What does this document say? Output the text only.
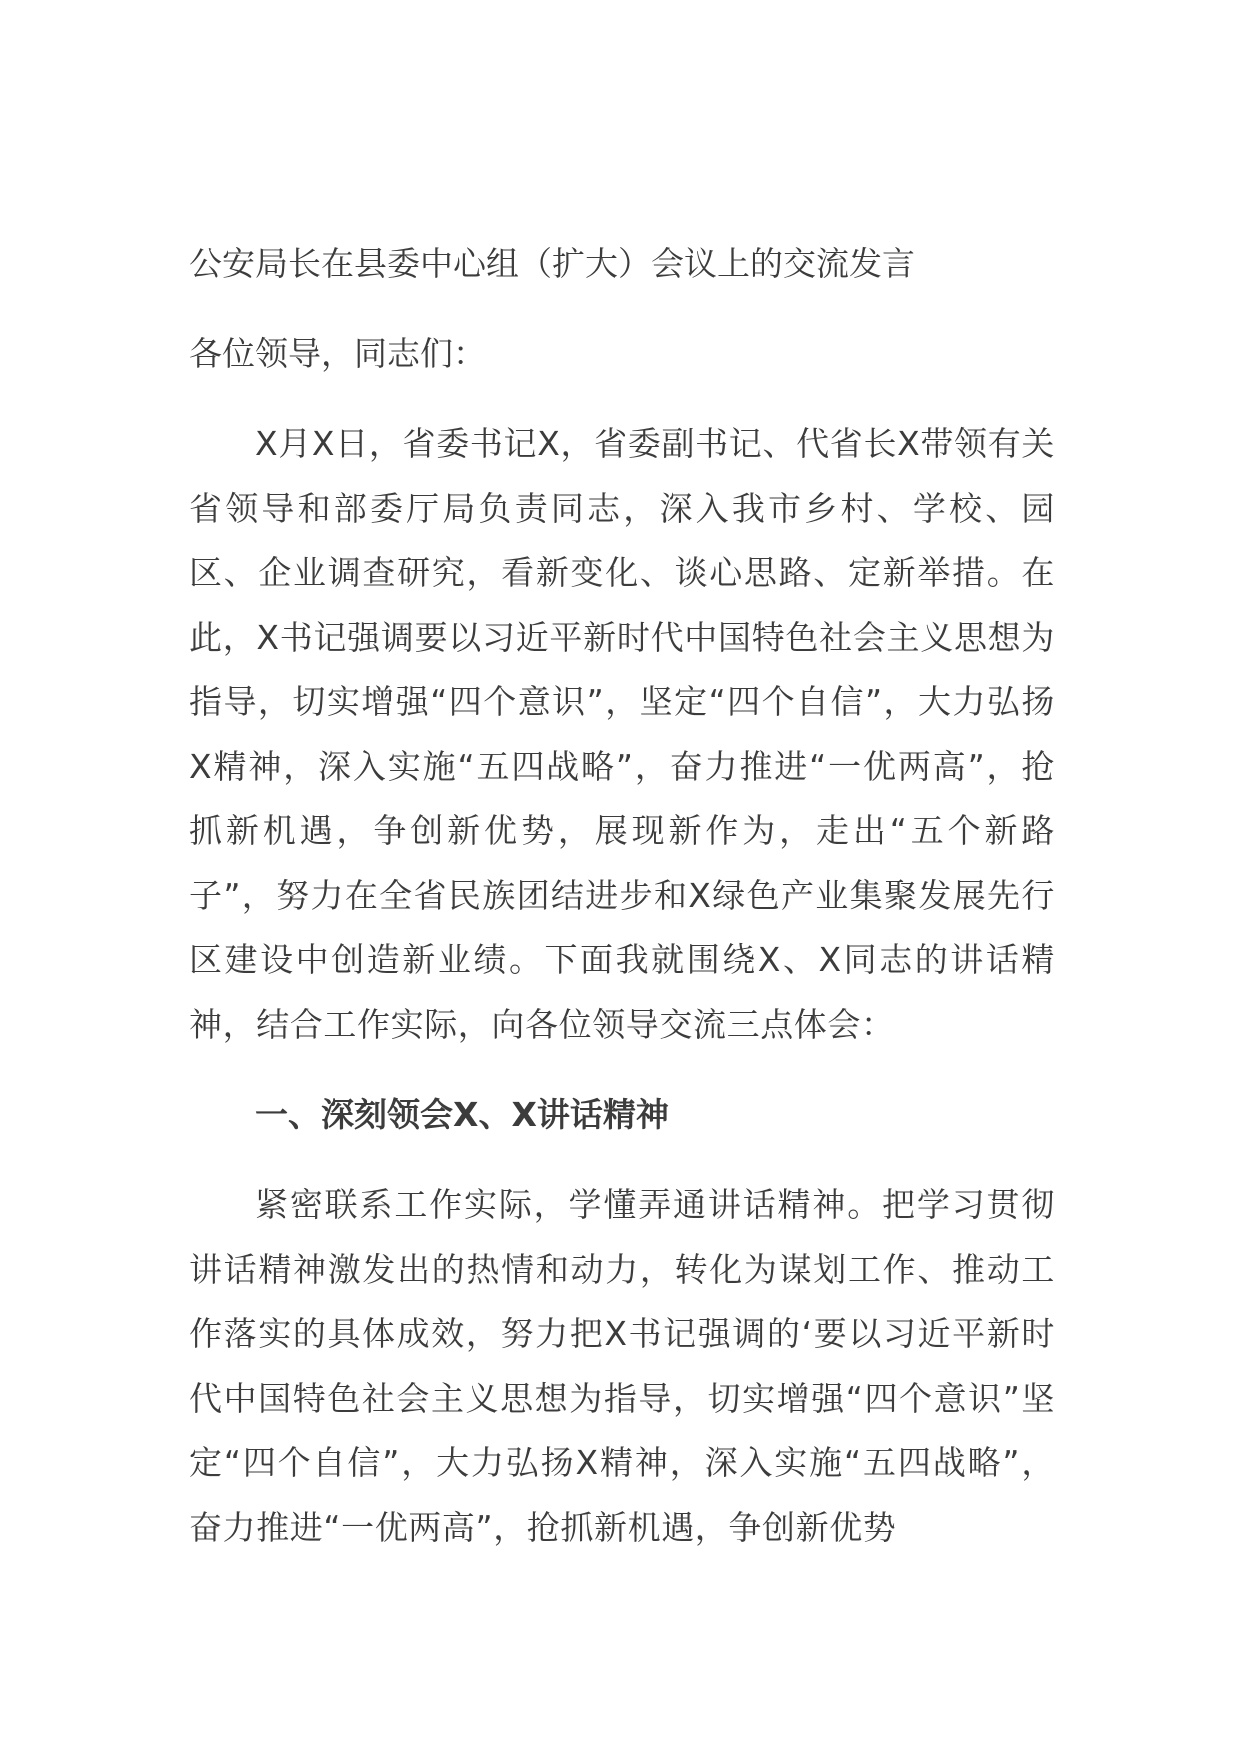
公安局长在县委中心组（扩大）会议上的交流发言

各位领导，同志们：

X月X日，省委书记X，省委副书记、代省长X带领有关省领导和部委厅局负责同志，深入我市乡村、学校、园区、企业调查研究，看新变化、谈心思路、定新举措。在此，X书记强调要以习近平新时代中国特色社会主义思想为指导，切实增强“四个意识”，坚定“四个自信”，大力弘扬X精神，深入实施“五四战略”，奋力推进“一优两高”，抢抓新机遇，争创新优势，展现新作为，走出“五个新路子”，努力在全省民族团结进步和X绿色产业集聚发展先行区建设中创造新业绩。下面我就围绕X、X同志的讲话精神，结合工作实际，向各位领导交流三点体会：

一、深刻领会X、X讲话精神

紧密联系工作实际，学懂弄通讲话精神。把学习贯彻讲话精神激发出的热情和动力，转化为谋划工作、推动工作落实的具体成效，努力把X书记强调的‘要以习近平新时代中国特色社会主义思想为指导，切实增强“四个意识”坚定“四个自信”，大力弘扬X精神，深入实施“五四战略”，奋力推进“一优两高”，抢抓新机遇，争创新优势
